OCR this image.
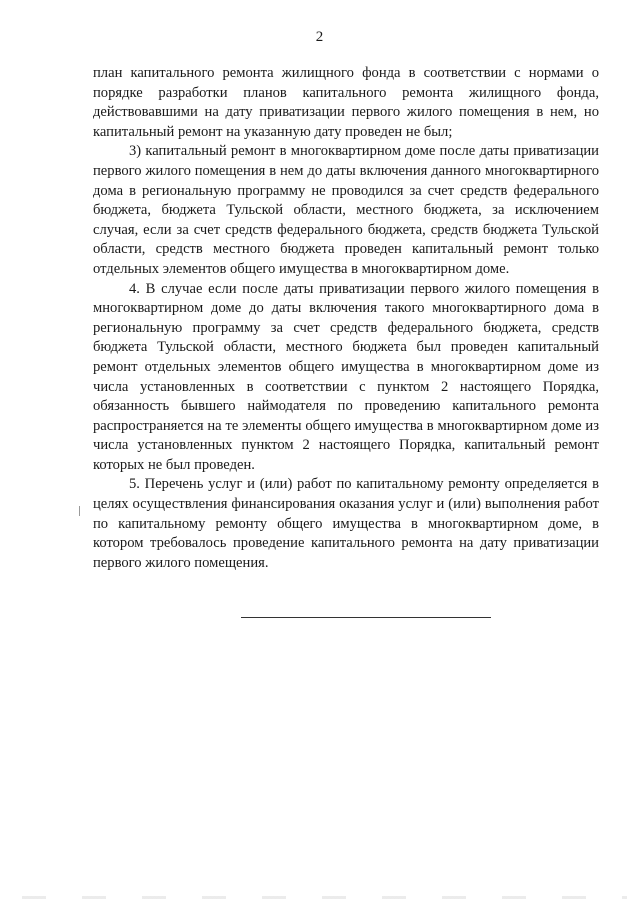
2

план капитального ремонта жилищного фонда в соответствии с нормами о порядке разработки планов капитального ремонта жилищного фонда, действовавшими на дату приватизации первого жилого помещения в нем, но капитальный ремонт на указанную дату проведен не был;

3) капитальный ремонт в многоквартирном доме после даты приватизации первого жилого помещения в нем до даты включения данного многоквартирного дома в региональную программу не проводился за счет средств федерального бюджета, бюджета Тульской области, местного бюджета, за исключением случая, если за счет средств федерального бюджета, средств бюджета Тульской области, средств местного бюджета проведен капитальный ремонт только отдельных элементов общего имущества в многоквартирном доме.

4. В случае если после даты приватизации первого жилого помещения в многоквартирном доме до даты включения такого многоквартирного дома в региональную программу за счет средств федерального бюджета, средств бюджета Тульской области, местного бюджета был проведен капитальный ремонт отдельных элементов общего имущества в многоквартирном доме из числа установленных в соответствии с пунктом 2 настоящего Порядка, обязанность бывшего наймодателя по проведению капитального ремонта распространяется на те элементы общего имущества в многоквартирном доме из числа установленных пунктом 2 настоящего Порядка, капитальный ремонт которых не был проведен.

5. Перечень услуг и (или) работ по капитальному ремонту определяется в целях осуществления финансирования оказания услуг и (или) выполнения работ по капитальному ремонту общего имущества в многоквартирном доме, в котором требовалось проведение капитального ремонта на дату приватизации первого жилого помещения.
